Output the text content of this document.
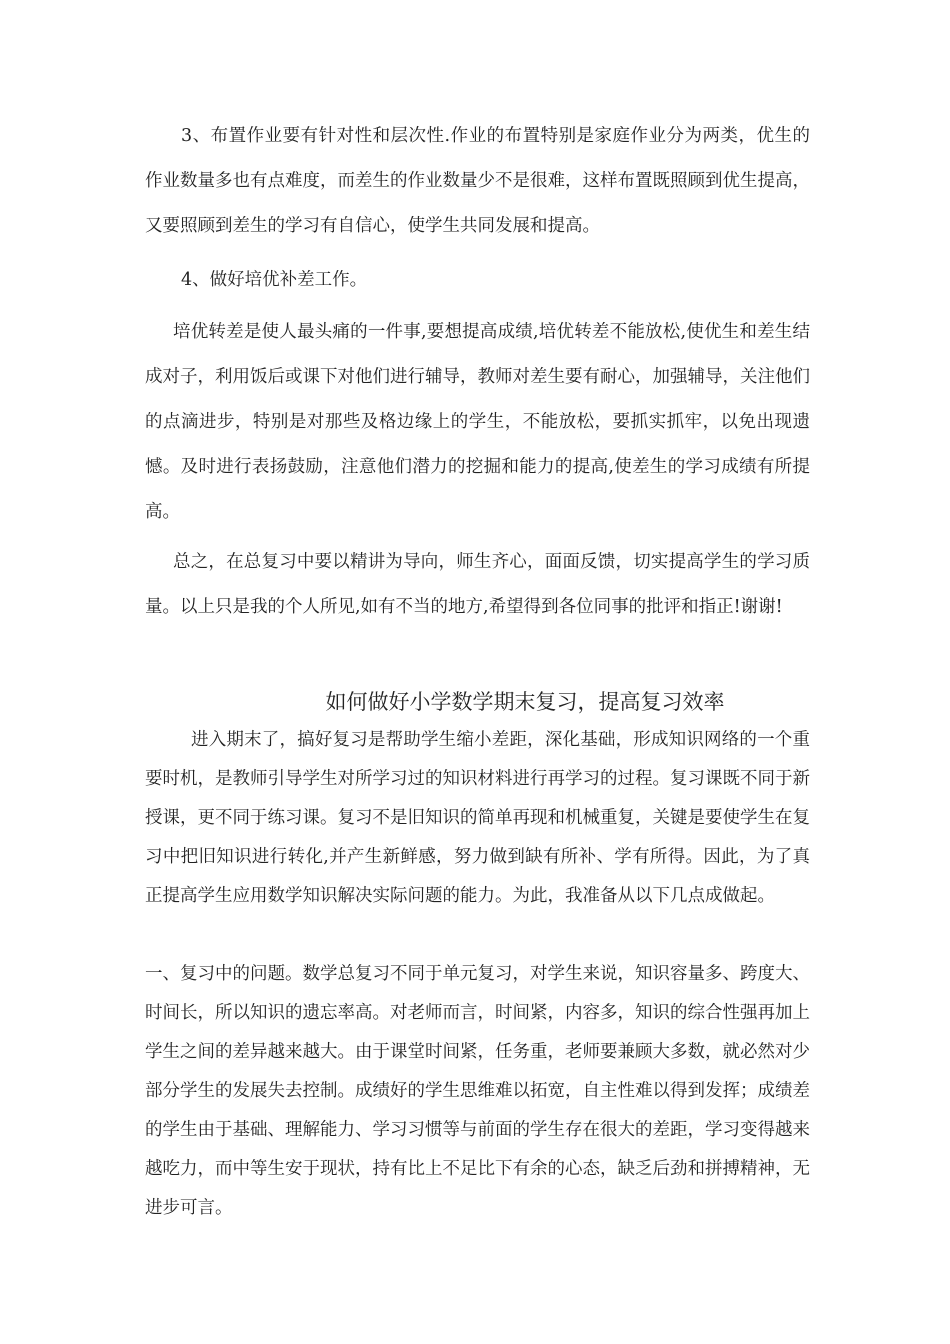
3、布置作业要有针对性和层次性.作业的布置特别是家庭作业分为两类，优生的作业数量多也有点难度，而差生的作业数量少不是很难，这样布置既照顾到优生提高，又要照顾到差生的学习有自信心，使学生共同发展和提高。

4、做好培优补差工作。

培优转差是使人最头痛的一件事,要想提高成绩,培优转差不能放松,使优生和差生结成对子，利用饭后或课下对他们进行辅导，教师对差生要有耐心，加强辅导，关注他们的点滴进步，特别是对那些及格边缘上的学生，不能放松，要抓实抓牢，以免出现遗憾。及时进行表扬鼓励，注意他们潜力的挖掘和能力的提高,使差生的学习成绩有所提高。

总之，在总复习中要以精讲为导向，师生齐心，面面反馈，切实提高学生的学习质量。以上只是我的个人所见,如有不当的地方,希望得到各位同事的批评和指正!谢谢!

如何做好小学数学期末复习，提高复习效率

进入期末了，搞好复习是帮助学生缩小差距，深化基础，形成知识网络的一个重要时机，是教师引导学生对所学习过的知识材料进行再学习的过程。复习课既不同于新授课，更不同于练习课。复习不是旧知识的简单再现和机械重复，关键是要使学生在复习中把旧知识进行转化,并产生新鲜感，努力做到缺有所补、学有所得。因此，为了真正提高学生应用数学知识解决实际问题的能力。为此，我准备从以下几点成做起。

一、复习中的问题。数学总复习不同于单元复习，对学生来说，知识容量多、跨度大、时间长，所以知识的遗忘率高。对老师而言，时间紧，内容多，知识的综合性强再加上学生之间的差异越来越大。由于课堂时间紧，任务重，老师要兼顾大多数，就必然对少部分学生的发展失去控制。成绩好的学生思维难以拓宽，自主性难以得到发挥；成绩差的学生由于基础、理解能力、学习习惯等与前面的学生存在很大的差距，学习变得越来越吃力，而中等生安于现状，持有比上不足比下有余的心态，缺乏后劲和拼搏精神，无进步可言。
